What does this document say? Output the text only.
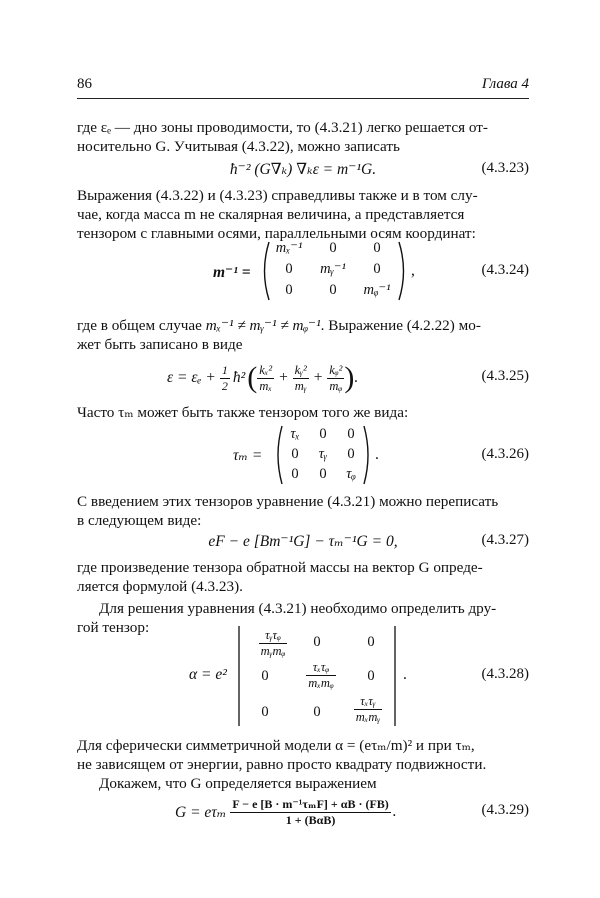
86	Глава 4
где εₑ — дно зоны проводимости, то (4.3.21) легко решается от-
носительно G. Учитывая (4.3.22), можно записать
ħ⁻² (G∇ₖ) ∇ₖε = m⁻¹G.	(4.3.23)
Выражения (4.3.22) и (4.3.23) справедливы также и в том слу-
чае, когда масса m не скалярная величина, а представляется
тензором с главными осями, параллельными осям координат:
m⁻¹ =
mₓ⁻¹	0	0
0	mᵧ⁻¹	0
0	0	mᵩ⁻¹
,	(4.3.24)
где в общем случае mₓ⁻¹ ≠ mᵧ⁻¹ ≠ mᵩ⁻¹. Выражение (4.2.22) мо-
жет быть записано в виде
$\varepsilon = \varepsilon_e + \frac{1}{2}$ ħ² ( $\frac{\text{kₓ²}}{\text{mₓ}} + \frac{\text{kᵧ²}}{\text{mᵧ}} + \frac{\text{kᵩ²}}{\text{mᵩ}}$ ) .	(4.3.25)
Часто τₘ может быть также тензором того же вида:
τₘ =
τₓ	0	0
0	τᵧ	0
0	0	τᵩ
.	(4.3.26)
С введением этих тензоров уравнение (4.3.21) можно переписать
в следующем виде:
eF − e [Bm⁻¹G] − τₘ⁻¹G = 0,	(4.3.27)
где произведение тензора обратной массы на вектор G опреде-
ляется формулой (4.3.23).
Для решения уравнения (4.3.21) необходимо определить дру-
гой тензор:
α = e²
$\frac{\text{τᵧτᵩ}}{\text{mᵧmᵩ}}$	0	0
0	$\frac{\text{τₓτᵩ}}{\text{mₓmᵩ}}$	0
0	0	$\frac{\text{τₓτᵧ}}{\text{mₓmᵧ}}$
.	(4.3.28)
Для сферически симметричной модели α = (eτₘ/m)² и при τₘ,
не зависящем от энергии, равно просто квадрату подвижности.
Докажем, что G определяется выражением
G = eτₘ $\frac{\text{F − e [B · m⁻¹τₘF] + αB · (FB)}}{\text{1 + (BαB)}}$ .	(4.3.29)
